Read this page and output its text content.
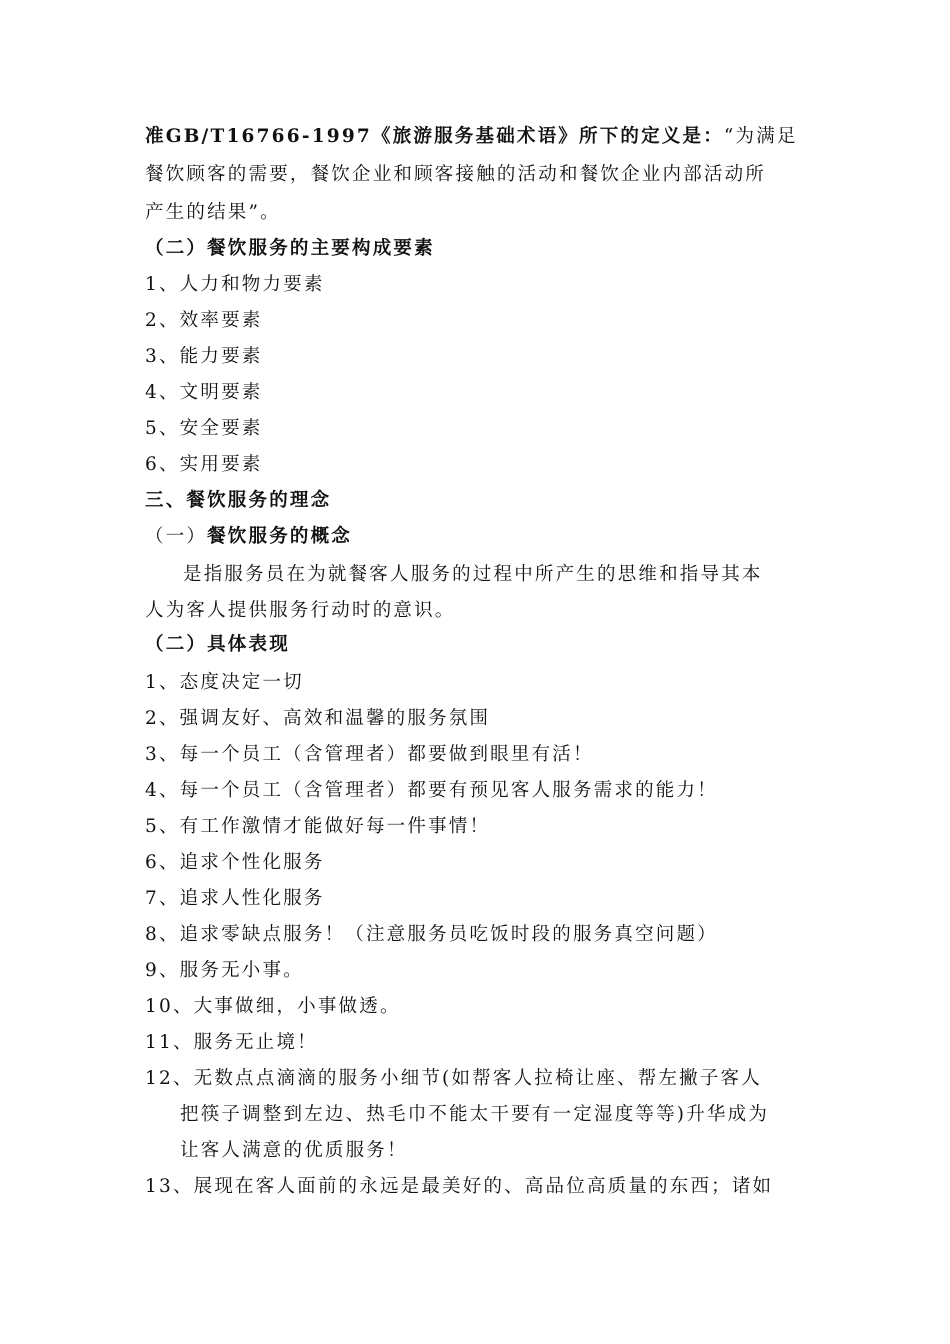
准GB/T16766-1997《旅游服务基础术语》所下的定义是：“为满足
餐饮顾客的需要，餐饮企业和顾客接触的活动和餐饮企业内部活动所
产生的结果”。
（二）餐饮服务的主要构成要素
1、人力和物力要素
2、效率要素
3、能力要素
4、文明要素
5、安全要素
6、实用要素
三、餐饮服务的理念
（一）餐饮服务的概念
是指服务员在为就餐客人服务的过程中所产生的思维和指导其本
人为客人提供服务行动时的意识。
（二）具体表现
1、态度决定一切
2、强调友好、高效和温馨的服务氛围
3、每一个员工（含管理者）都要做到眼里有活！
4、每一个员工（含管理者）都要有预见客人服务需求的能力！
5、有工作激情才能做好每一件事情！
6、追求个性化服务
7、追求人性化服务
8、追求零缺点服务！（注意服务员吃饭时段的服务真空问题）
9、服务无小事。
10、大事做细，小事做透。
11、服务无止境！
12、无数点点滴滴的服务小细节(如帮客人拉椅让座、帮左撇子客人
把筷子调整到左边、热毛巾不能太干要有一定湿度等等)升华成为
让客人满意的优质服务！
13、展现在客人面前的永远是最美好的、高品位高质量的东西；诸如
